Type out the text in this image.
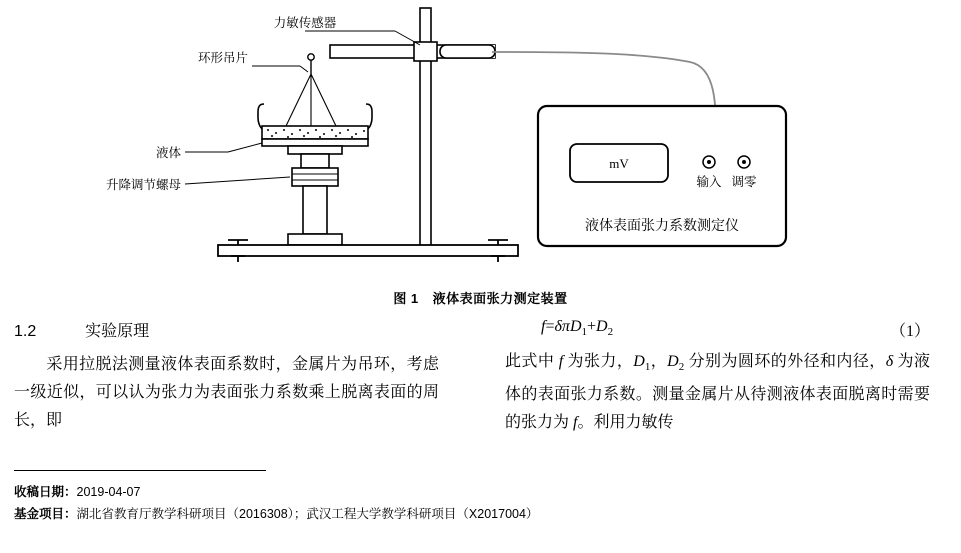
力敏传感器
环形吊片
液体
升降调节螺母
mV
输入 调零
液体表面张力系数测定仪
图 1 液体表面张力测定装置
1.2			实验原理
采用拉脱法测量液体表面系数时，金属片为吊环，考虑一级近似，可以认为张力为表面张力系数乘上脱离表面的周长，即
$f=\delta\pi D_1+D_2$	（1）
此式中 f 为张力，$D_1$，$D_2$ 分别为圆环的外径和内径，δ 为液体的表面张力系数。测量金属片从待测液体表面脱离时需要的张力为 f。利用力敏传
收稿日期：2019-04-07
基金项目：湖北省教育厅教学科研项目（2016308）；武汉工程大学教学科研项目（X2017004）
